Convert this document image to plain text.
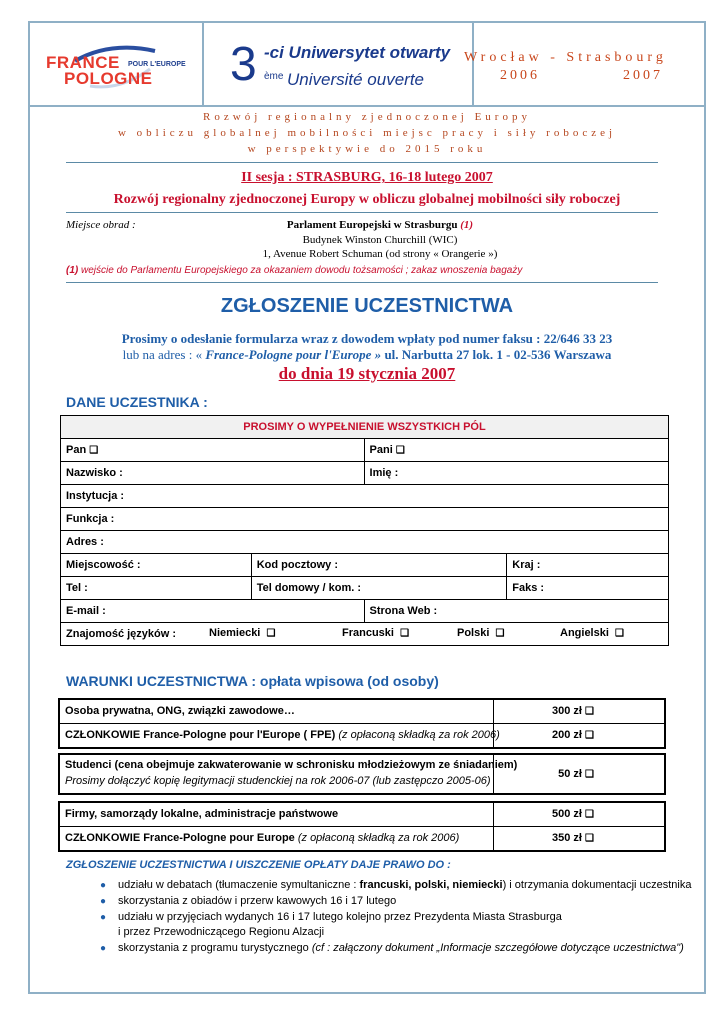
FRANCE
POLOGNE
POUR L'EUROPE 3 -ci Uniwersytet otwarty
ème Université ouverte
Wrocław - Strasbourg
2006	2007
Rozwój regionalny zjednoczonej Europy
w obliczu globalnej mobilności miejsc pracy i siły roboczej
w perspektywie do 2015 roku
II sesja : STRASBURG, 16-18 lutego 2007
Rozwój regionalny zjednoczonej Europy w obliczu globalnej mobilności siły roboczej
Miejsce obrad :	Parlament Europejski w Strasburgu (1)
Budynek Winston Churchill (WIC)
1, Avenue Robert Schuman (od strony « Orangerie »)
(1) wejście do Parlamentu Europejskiego za okazaniem dowodu tożsamości ; zakaz wnoszenia bagaży
ZGŁOSZENIE UCZESTNICTWA
Prosimy o odesłanie formularza wraz z dowodem wpłaty pod numer faksu : 22/646 33 23
lub na adres : « France-Pologne pour l'Europe » ul. Narbutta 27 lok. 1 - 02-536 Warszawa
do dnia 19 stycznia 2007
DANE UCZESTNIKA :
PROSIMY O WYPEŁNIENIE WSZYSTKICH PÓL			
Pan ❑		Pani ❑	
Nazwisko :		Imię :	
Instytucja :			
Funkcja :			
Adres :			
Miejscowość :	Kod pocztowy :		Kraj :
Tel :	Tel domowy / kom. :		Faks :
E-mail :		Strona Web :	
Znajomość języków : Niemiecki ❑ Francuski ❑ Polski ❑ Angielski ❑			
WARUNKI UCZESTNICTWA : opłata wpisowa (od osoby)
Osoba prywatna, ONG, związki zawodowe…	300 zł ❑
CZŁONKOWIE France-Pologne pour l'Europe ( FPE) (z opłaconą składką za rok 2006)	200 zł ❑
Studenci (cena obejmuje zakwaterowanie w schronisku młodzieżowym ze śniadaniem)
Prosimy dołączyć kopię legitymacji studenckiej na rok 2006-07 (lub zastępczo 2005-06)
50 zł ❑
Firmy, samorządy lokalne, administracje państwowe	500 zł ❑
CZŁONKOWIE France-Pologne pour Europe (z opłaconą składką za rok 2006)	350 zł ❑
ZGŁOSZENIE UCZESTNICTWA I UISZCZENIE OPŁATY DAJE PRAWO DO :
● udziału w debatach (tłumaczenie symultaniczne : francuski, polski, niemiecki) i otrzymania dokumentacji uczestnika
● skorzystania z obiadów i przerw kawowych 16 i 17 lutego
● udziału w przyjęciach wydanych 16 i 17 lutego kolejno przez Prezydenta Miasta Strasburga
i przez Przewodniczącego Regionu Alzacji
● skorzystania z programu turystycznego (cf : załączony dokument „Informacje szczegółowe dotyczące uczestnictwa")
